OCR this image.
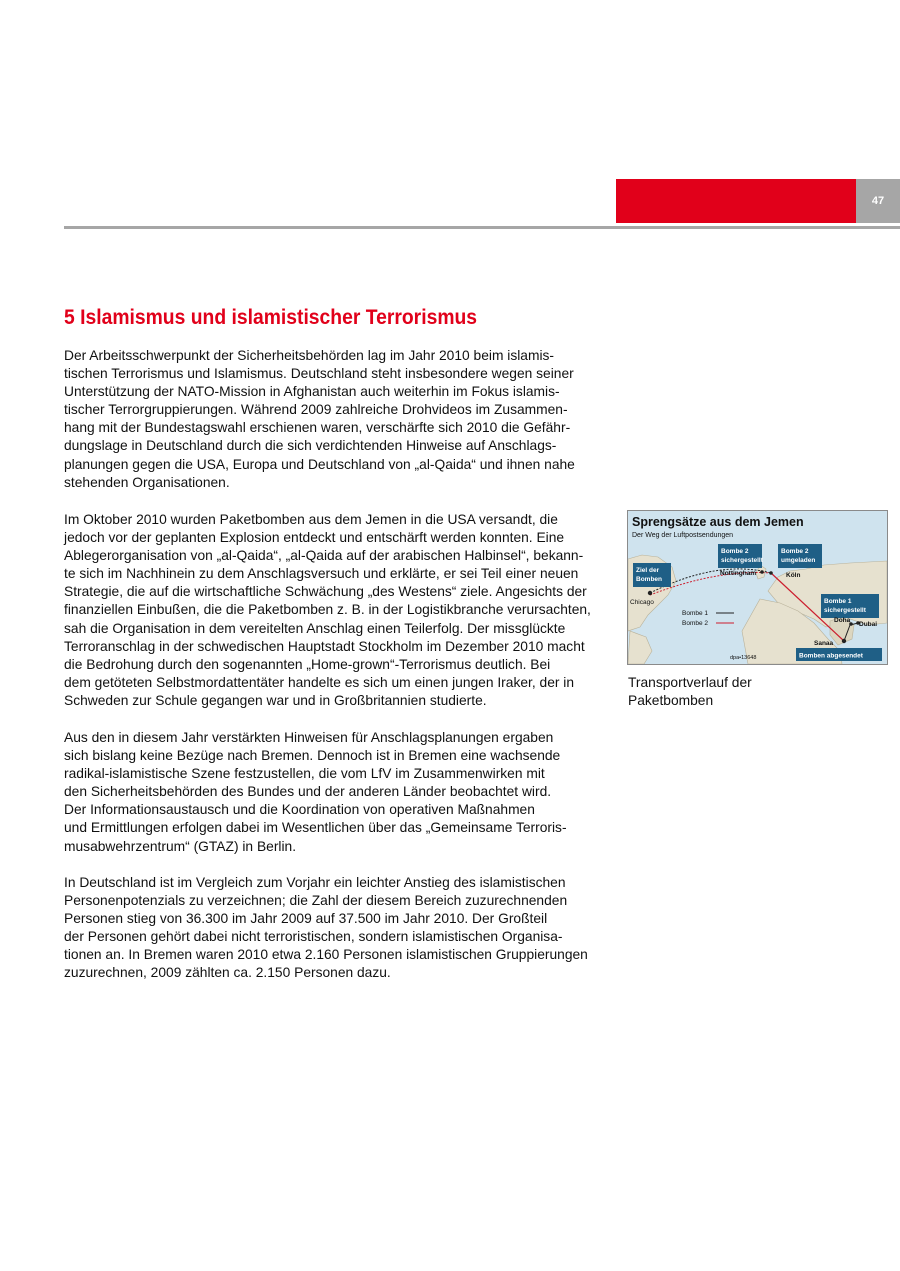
47
5 Islamismus und islamistischer Terrorismus

Der Arbeitsschwerpunkt der Sicherheitsbehörden lag im Jahr 2010 beim islamis-
tischen Terrorismus und Islamismus. Deutschland steht insbesondere wegen seiner
Unterstützung der NATO-Mission in Afghanistan auch weiterhin im Fokus islamis-
tischer Terrorgruppierungen. Während 2009 zahlreiche Drohvideos im Zusammen-
hang mit der Bundestagswahl erschienen waren, verschärfte sich 2010 die Gefähr-
dungslage in Deutschland durch die sich verdichtenden Hinweise auf Anschlags-
planungen gegen die USA, Europa und Deutschland von „al-Qaida“ und ihnen nahe
stehenden Organisationen.

Im Oktober 2010 wurden Paketbomben aus dem Jemen in die USA versandt, die
jedoch vor der geplanten Explosion entdeckt und entschärft werden konnten. Eine
Ablegerorganisation von „al-Qaida“, „al-Qaida auf der arabischen Halbinsel“, bekann-
te sich im Nachhinein zu dem Anschlagsversuch und erklärte, er sei Teil einer neuen
Strategie, die auf die wirtschaftliche Schwächung „des Westens“ ziele. Angesichts der
finanziellen Einbußen, die die Paketbomben z. B. in der Logistikbranche verursachten,
sah die Organisation in dem vereitelten Anschlag einen Teilerfolg. Der missglückte
Terroranschlag in der schwedischen Hauptstadt Stockholm im Dezember 2010 macht
die Bedrohung durch den sogenannten „Home-grown“-Terrorismus deutlich. Bei
dem getöteten Selbstmordattentäter handelte es sich um einen jungen Iraker, der in
Schweden zur Schule gegangen war und in Großbritannien studierte.

Aus den in diesem Jahr verstärkten Hinweisen für Anschlagsplanungen ergaben
sich bislang keine Bezüge nach Bremen. Dennoch ist in Bremen eine wachsende
radikal-islamistische Szene festzustellen, die vom LfV im Zusammenwirken mit
den Sicherheitsbehörden des Bundes und der anderen Länder beobachtet wird.
Der Informationsaustausch und die Koordination von operativen Maßnahmen
und Ermittlungen erfolgen dabei im Wesentlichen über das „Gemeinsame Terroris-
musabwehrzentrum“ (GTAZ) in Berlin.

In Deutschland ist im Vergleich zum Vorjahr ein leichter Anstieg des islamistischen
Personenpotenzials zu verzeichnen; die Zahl der diesem Bereich zuzurechnenden
Personen stieg von 36.300 im Jahr 2009 auf 37.500 im Jahr 2010. Der Großteil
der Personen gehört dabei nicht terroristischen, sondern islamistischen Organisa-
tionen an. In Bremen waren 2010 etwa 2.160 Personen islamistischen Gruppierungen
zuzurechnen, 2009 zählten ca. 2.150 Personen dazu.

Sprengsätze aus dem Jemen
Der Weg der Luftpostsendungen
Ziel der
Bomben
Chicago
Bombe 2
sichergestellt
Bombe 2
umgeladen
Nottingham	Köln
Bombe 1
sichergestellt
Doha
Dubai
Sanaa
Bomben abgesendet
Bombe 1
Bombe 2
dpa•13648

Transportverlauf der
Paketbomben
